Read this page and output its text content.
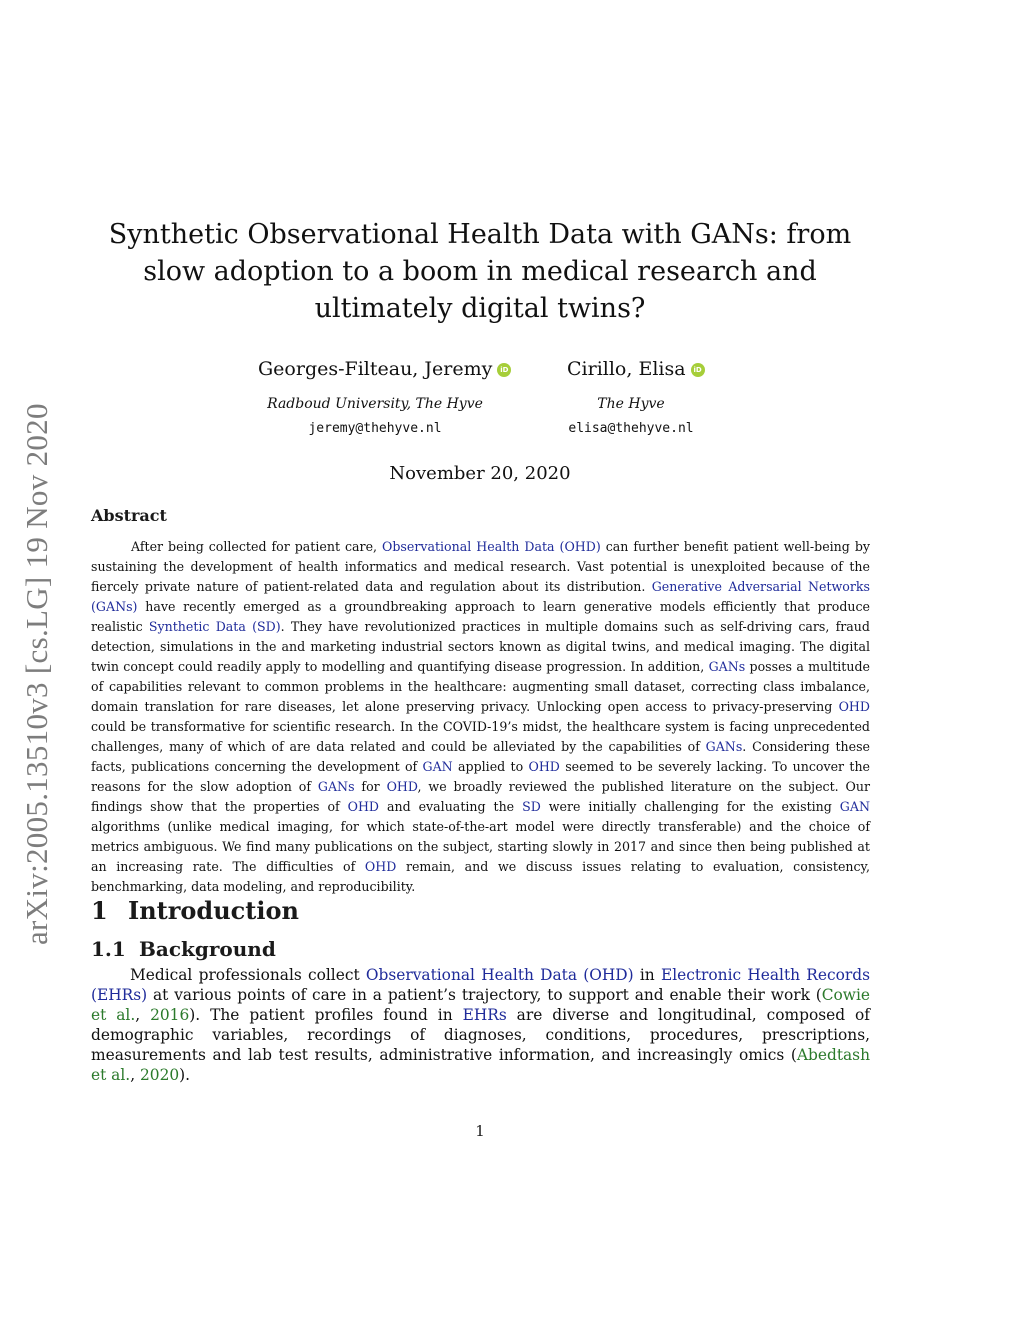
arXiv:2005.13510v3 [cs.LG] 19 Nov 2020
Synthetic Observational Health Data with GANs: from slow adoption to a boom in medical research and ultimately digital twins?
Georges-Filteau, Jeremy iD	Cirillo, Elisa iD
Radboud University, The Hyve	The Hyve
jeremy@thehyve.nl	elisa@thehyve.nl
November 20, 2020
Abstract

After being collected for patient care, Observational Health Data (OHD) can further benefit patient well-being by sustaining the development of health informatics and medical research. Vast potential is unexploited because of the fiercely private nature of patient-related data and regulation about its distribution. Generative Adversarial Networks (GANs) have recently emerged as a groundbreaking approach to learn generative models efficiently that produce realistic Synthetic Data (SD). They have revolutionized practices in multiple domains such as self-driving cars, fraud detection, simulations in the and marketing industrial sectors known as digital twins, and medical imaging. The digital twin concept could readily apply to modelling and quantifying disease progression. In addition, GANs posses a multitude of capabilities relevant to common problems in the healthcare: augmenting small dataset, correcting class imbalance, domain translation for rare diseases, let alone preserving privacy. Unlocking open access to privacy-preserving OHD could be transformative for scientific research. In the COVID-19’s midst, the healthcare system is facing unprecedented challenges, many of which of are data related and could be alleviated by the capabilities of GANs. Considering these facts, publications concerning the development of GAN applied to OHD seemed to be severely lacking. To uncover the reasons for the slow adoption of GANs for OHD, we broadly reviewed the published literature on the subject. Our findings show that the properties of OHD and evaluating the SD were initially challenging for the existing GAN algorithms (unlike medical imaging, for which state-of-the-art model were directly transferable) and the choice of metrics ambiguous. We find many publications on the subject, starting slowly in 2017 and since then being published at an increasing rate. The difficulties of OHD remain, and we discuss issues relating to evaluation, consistency, benchmarking, data modeling, and reproducibility.

1 Introduction
1.1 Background

Medical professionals collect Observational Health Data (OHD) in Electronic Health Records (EHRs) at various points of care in a patient’s trajectory, to support and enable their work (Cowie et al., 2016). The patient profiles found in EHRs are diverse and longitudinal, composed of demographic variables, recordings of diagnoses, conditions, procedures, prescriptions, measurements and lab test results, administrative information, and increasingly omics (Abedtash et al., 2020).

1
